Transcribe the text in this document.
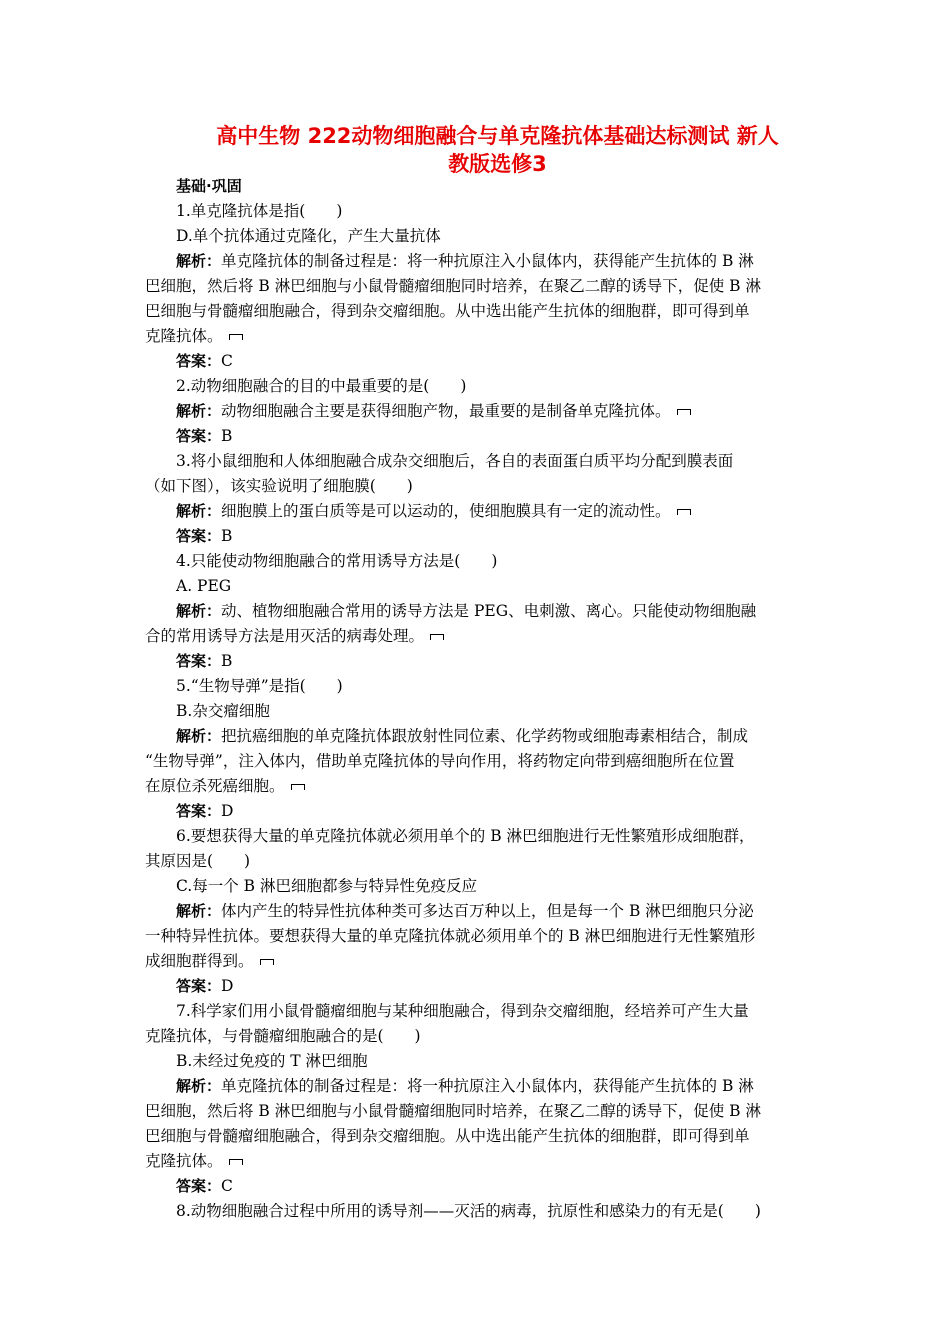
高中生物 222动物细胞融合与单克隆抗体基础达标测试 新人
教版选修3
基础·巩固
1.单克隆抗体是指(　　)
D.单个抗体通过克隆化，产生大量抗体
解析：单克隆抗体的制备过程是：将一种抗原注入小鼠体内，获得能产生抗体的 B 淋
巴细胞，然后将 B 淋巴细胞与小鼠骨髓瘤细胞同时培养，在聚乙二醇的诱导下，促使 B 淋
巴细胞与骨髓瘤细胞融合，得到杂交瘤细胞。从中选出能产生抗体的细胞群，即可得到单
克隆抗体。
答案：C
2.动物细胞融合的目的中最重要的是(　　)
解析：动物细胞融合主要是获得细胞产物，最重要的是制备单克隆抗体。
答案：B
3.将小鼠细胞和人体细胞融合成杂交细胞后，各自的表面蛋白质平均分配到膜表面
（如下图），该实验说明了细胞膜(　　)
解析：细胞膜上的蛋白质等是可以运动的，使细胞膜具有一定的流动性。
答案：B
4.只能使动物细胞融合的常用诱导方法是(　　)
A. PEG
解析：动、植物细胞融合常用的诱导方法是 PEG、电刺激、离心。只能使动物细胞融
合的常用诱导方法是用灭活的病毒处理。
答案：B
5.“生物导弹”是指(　　)
B.杂交瘤细胞
解析：把抗癌细胞的单克隆抗体跟放射性同位素、化学药物或细胞毒素相结合，制成
“生物导弹”，注入体内，借助单克隆抗体的导向作用，将药物定向带到癌细胞所在位置
在原位杀死癌细胞。
答案：D
6.要想获得大量的单克隆抗体就必须用单个的 B 淋巴细胞进行无性繁殖形成细胞群，
其原因是(　　)
C.每一个 B 淋巴细胞都参与特异性免疫反应
解析：体内产生的特异性抗体种类可多达百万种以上，但是每一个 B 淋巴细胞只分泌
一种特异性抗体。要想获得大量的单克隆抗体就必须用单个的 B 淋巴细胞进行无性繁殖形
成细胞群得到。
答案：D
7.科学家们用小鼠骨髓瘤细胞与某种细胞融合，得到杂交瘤细胞，经培养可产生大量
克隆抗体，与骨髓瘤细胞融合的是(　　)
B.未经过免疫的 T 淋巴细胞
解析：单克隆抗体的制备过程是：将一种抗原注入小鼠体内，获得能产生抗体的 B 淋
巴细胞，然后将 B 淋巴细胞与小鼠骨髓瘤细胞同时培养，在聚乙二醇的诱导下，促使 B 淋
巴细胞与骨髓瘤细胞融合，得到杂交瘤细胞。从中选出能产生抗体的细胞群，即可得到单
克隆抗体。
答案：C
8.动物细胞融合过程中所用的诱导剂——灭活的病毒，抗原性和感染力的有无是(　　)
